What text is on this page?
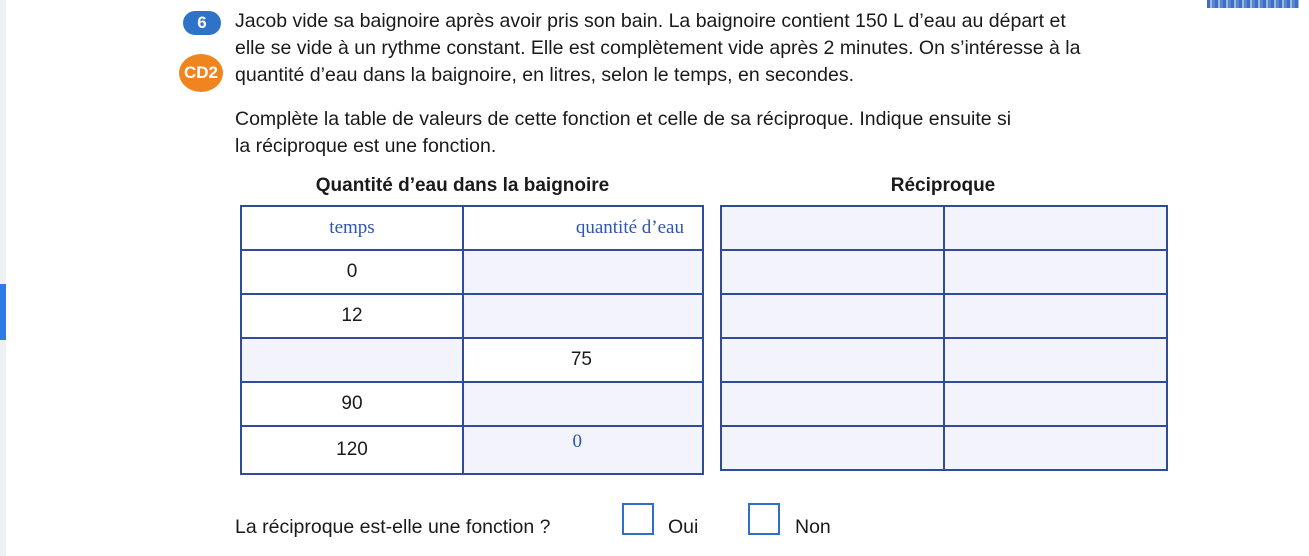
6
CD2

Jacob vide sa baignoire après avoir pris son bain. La baignoire contient 150 L d’eau au départ et
elle se vide à un rythme constant. Elle est complètement vide après 2 minutes. On s’intéresse à la
quantité d’eau dans la baignoire, en litres, selon le temps, en secondes.

Complète la table de valeurs de cette fonction et celle de sa réciproque. Indique ensuite si
la réciproque est une fonction.

Quantité d’eau dans la baignoire	Réciproque
temps	quantité d’eau
0	
12	
	75
90	
120	0

La réciproque est-elle une fonction ?	Oui	Non
